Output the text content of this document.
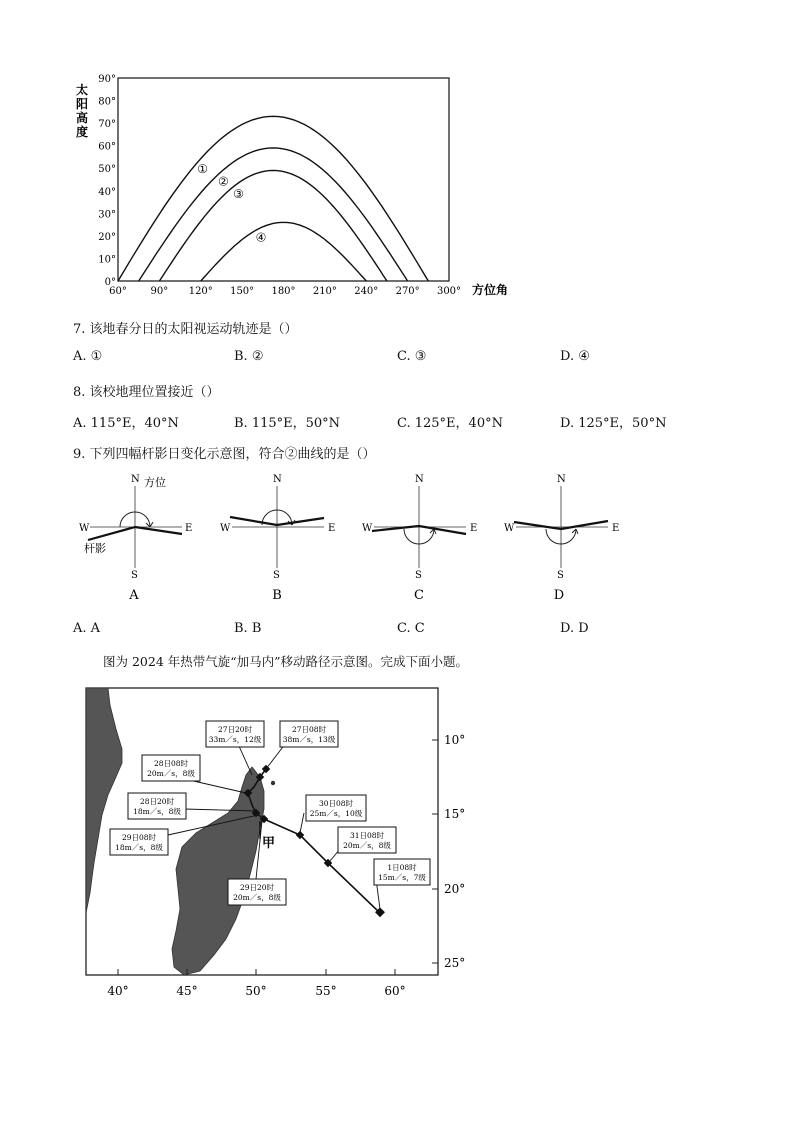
太
阳
高
度
90°
80°
70°
60°
50°
40°
30°
20°
10°
0°
60° 90° 120° 150° 180° 210° 240° 270° 300° 方位角
①
②
③
④
7. 该地春分日的太阳视运动轨迹是（）
A. ①	B. ②	C. ③	D. ④
8. 该校地理位置接近（）
A. 115°E，40°N	B. 115°E，50°N	C. 125°E，40°N	D. 125°E，50°N
9. 下列四幅杆影日变化示意图，符合②曲线的是（）
N
S
W	E
方位
杆影
A
N
S
W	E
B
N
S
W	E
C
N
S
W	E
D
A. A	B. B	C. C	D. D
图为 2024 年热带气旋“加马内”移动路径示意图。完成下面小题。
10°
15°
20°
25°
40°	45°	50°	55°	60°
甲
27日20时
33m／s，12级
27日08时
38m／s，13级
28日08时
20m／s，8级
28日20时
18m／s，8级
29日08时
18m／s，8级
30日08时
25m／s，10级
31日08时
20m／s，8级
1日08时
15m／s，7级
29日20时
20m／s，8级
